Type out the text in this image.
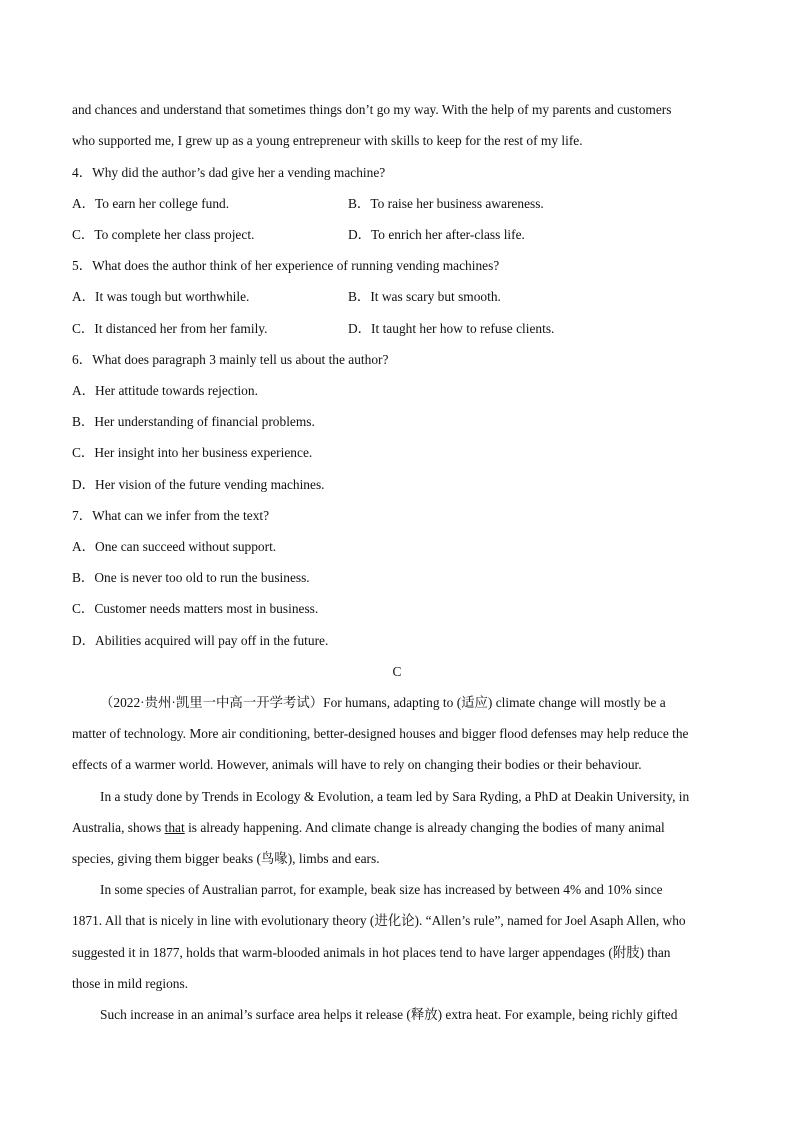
and chances and understand that sometimes things don’t go my way. With the help of my parents and customers
who supported me, I grew up as a young entrepreneur with skills to keep for the rest of my life.
4．Why did the author’s dad give her a vending machine?
A．To earn her college fund.	B．To raise her business awareness.
C．To complete her class project.	D．To enrich her after-class life.
5．What does the author think of her experience of running vending machines?
A．It was tough but worthwhile.	B．It was scary but smooth.
C．It distanced her from her family.	D．It taught her how to refuse clients.
6．What does paragraph 3 mainly tell us about the author?
A．Her attitude towards rejection.
B．Her understanding of financial problems.
C．Her insight into her business experience.
D．Her vision of the future vending machines.
7．What can we infer from the text?
A．One can succeed without support.
B．One is never too old to run the business.
C．Customer needs matters most in business.
D．Abilities acquired will pay off in the future.
C
（2022·贵州·凯里一中高一开学考试）For humans, adapting to (适应) climate change will mostly be a
matter of technology. More air conditioning, better-designed houses and bigger flood defenses may help reduce the
effects of a warmer world. However, animals will have to rely on changing their bodies or their behaviour.
In a study done by Trends in Ecology & Evolution, a team led by Sara Ryding, a PhD at Deakin University, in
Australia, shows that is already happening. And climate change is already changing the bodies of many animal
species, giving them bigger beaks (鸟喙), limbs and ears.
In some species of Australian parrot, for example, beak size has increased by between 4% and 10% since
1871. All that is nicely in line with evolutionary theory (进化论). “Allen’s rule”, named for Joel Asaph Allen, who
suggested it in 1877, holds that warm-blooded animals in hot places tend to have larger appendages (附肢) than
those in mild regions.
Such increase in an animal’s surface area helps it release (释放) extra heat. For example, being richly gifted
